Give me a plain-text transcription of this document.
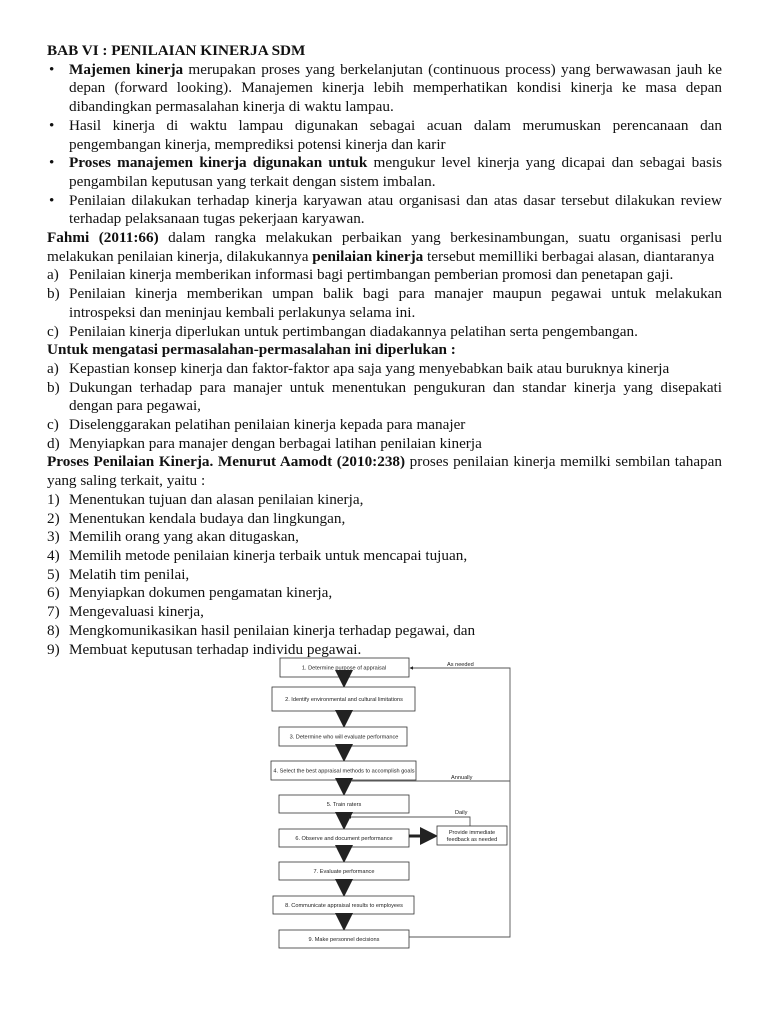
BAB VI : PENILAIAN KINERJA SDM

• Majemen kinerja merupakan proses yang berkelanjutan (continuous process) yang berwawasan jauh ke depan (forward looking). Manajemen kinerja lebih memperhatikan kondisi kinerja ke masa depan dibandingkan permasalahan kinerja di waktu lampau.

• Hasil kinerja di waktu lampau digunakan sebagai acuan dalam merumuskan perencanaan dan pengembangan kinerja, memprediksi potensi kinerja dan karir

• Proses manajemen kinerja digunakan untuk mengukur level kinerja yang dicapai dan sebagai basis pengambilan keputusan yang terkait dengan sistem imbalan.

• Penilaian dilakukan terhadap kinerja karyawan atau organisasi dan atas dasar tersebut dilakukan review terhadap pelaksanaan tugas pekerjaan karyawan.

Fahmi (2011:66) dalam rangka melakukan perbaikan yang berkesinambungan, suatu organisasi perlu melakukan penilaian kinerja, dilakukannya penilaian kinerja tersebut memilliki berbagai alasan, diantaranya

a) Penilaian kinerja memberikan informasi bagi pertimbangan pemberian promosi dan penetapan gaji.

b) Penilaian kinerja memberikan umpan balik bagi para manajer maupun pegawai untuk melakukan introspeksi dan meninjau kembali perlakunya selama ini.

c) Penilaian kinerja diperlukan untuk pertimbangan diadakannya pelatihan serta pengembangan.

Untuk mengatasi permasalahan-permasalahan ini diperlukan :

a) Kepastian konsep kinerja dan faktor-faktor apa saja yang menyebabkan baik atau buruknya kinerja

b) Dukungan terhadap para manajer untuk menentukan pengukuran dan standar kinerja yang disepakati dengan para pegawai,

c) Diselenggarakan pelatihan penilaian kinerja kepada para manajer

d) Menyiapkan para manajer dengan berbagai latihan penilaian kinerja

Proses Penilaian Kinerja. Menurut Aamodt (2010:238) proses penilaian kinerja memilki sembilan tahapan yang saling terkait, yaitu :

1) Menentukan tujuan dan alasan penilaian kinerja,

2) Menentukan kendala budaya dan lingkungan,

3) Memilih orang yang akan ditugaskan,

4) Memilih metode penilaian kinerja terbaik untuk mencapai tujuan,

5) Melatih tim penilai,

6) Menyiapkan dokumen pengamatan kinerja,

7) Mengevaluasi kinerja,

8) Mengkomunikasikan hasil penilaian kinerja terhadap pegawai, dan

9) Membuat keputusan terhadap individu pegawai.

1. Determine purpose of appraisal
2. Identify environmental and cultural limitations
3. Determine who will evaluate performance
4. Select the best appraisal methods to accomplish goals
5. Train raters
6. Observe and document performance
7. Evaluate performance
8. Communicate appraisal results to employees
9. Make personnel decisions
Provide immediate
feedback as needed
As needed
Annually
Daily
